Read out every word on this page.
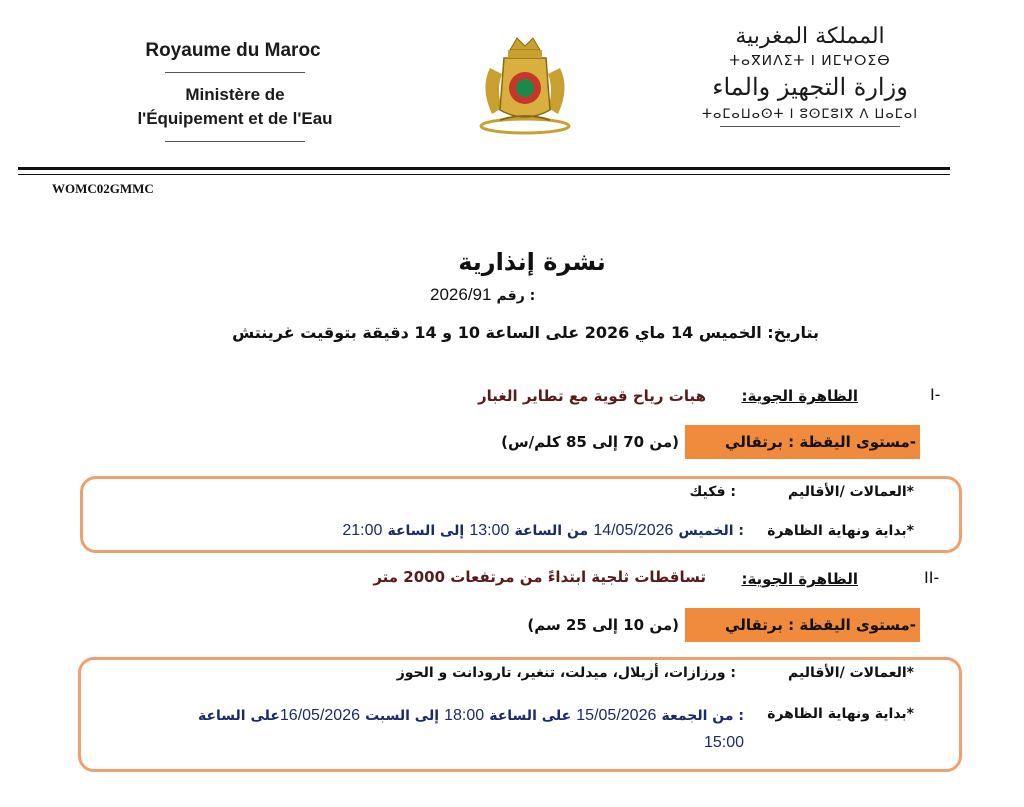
Royaume du Maroc
Ministère de
l'Équipement et de l'Eau
المملكة المغربية
ⵜⴰⴳⵍⴷⵉⵜ ⵏ ⵍⵎⵖⵔⵉⴱ
وزارة التجهيز والماء
ⵜⴰⵎⴰⵡⴰⵙⵜ ⵏ ⵓⵙⵎⵓⵏⴳ ⴷ ⵡⴰⵎⴰⵏ
WOMC02GMMC
نشرة إنذارية
2026/91 رقم :
بتاريخ: الخميس 14 ماي 2026 على الساعة 10 و 14 دقيقة بتوقيت غرينتش
I-
الظاهرة الجوية:
هبات رياح قوية مع تطاير الغبار
-مستوى اليقظة : برتقالي
(من 70 إلى 85 كلم/س)
*العمالات /الأقاليم
: فكيك
*بداية ونهاية الظاهرة
: الخميس 14/05/2026 من الساعة 13:00 إلى الساعة 21:00
II-
الظاهرة الجوية:
تساقطات ثلجية ابتداءً من مرتفعات 2000 متر
-مستوى اليقظة : برتقالي
(من 10 إلى 25 سم)
*العمالات /الأقاليم
: ورزازات، أزيلال، ميدلت، تنغير، تارودانت و الحوز
*بداية ونهاية الظاهرة
: من الجمعة 15/05/2026 على الساعة 18:00 إلى السبت 16/05/2026على الساعة
15:00
